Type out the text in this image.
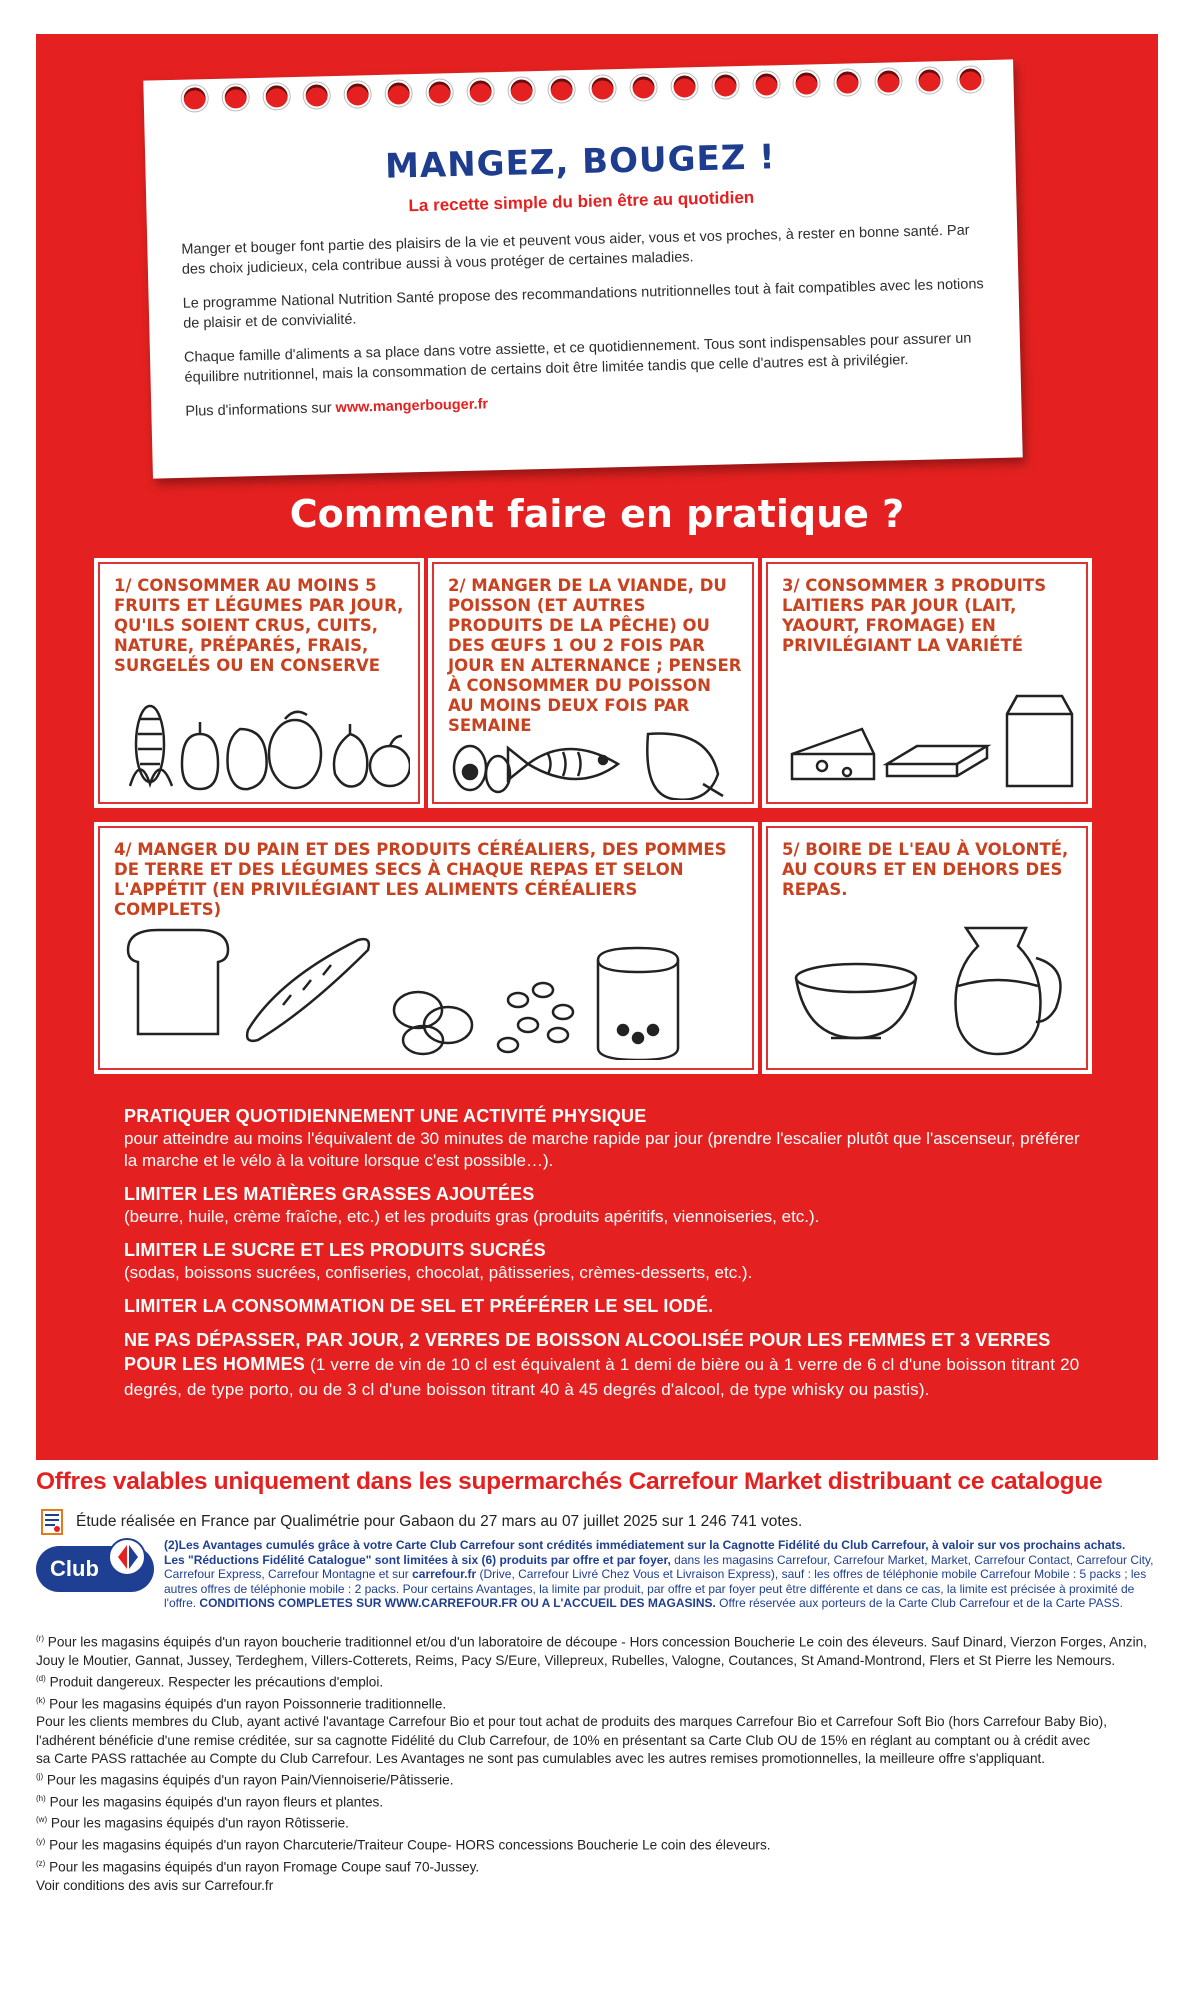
MANGEZ, BOUGEZ !
La recette simple du bien être au quotidien

Manger et bouger font partie des plaisirs de la vie et peuvent vous aider, vous et vos proches, à rester en bonne santé. Par des choix judicieux, cela contribue aussi à vous protéger de certaines maladies.

Le programme National Nutrition Santé propose des recommandations nutritionnelles tout à fait compatibles avec les notions de plaisir et de convivialité.

Chaque famille d'aliments a sa place dans votre assiette, et ce quotidiennement. Tous sont indispensables pour assurer un équilibre nutritionnel, mais la consommation de certains doit être limitée tandis que celle d'autres est à privilégier.

Plus d'informations sur www.mangerbouger.fr
Comment faire en pratique ?
1/ CONSOMMER AU MOINS 5 FRUITS ET LÉGUMES PAR JOUR, QU'ILS SOIENT CRUS, CUITS, NATURE, PRÉPARÉS, FRAIS, SURGELÉS OU EN CONSERVE
2/ MANGER DE LA VIANDE, DU POISSON (ET AUTRES PRODUITS DE LA PÊCHE) OU DES ŒUFS 1 OU 2 FOIS PAR JOUR EN ALTERNANCE ; PENSER À CONSOMMER DU POISSON AU MOINS DEUX FOIS PAR SEMAINE
3/ CONSOMMER 3 PRODUITS LAITIERS PAR JOUR (LAIT, YAOURT, FROMAGE) EN PRIVILÉGIANT LA VARIÉTÉ
4/ MANGER DU PAIN ET DES PRODUITS CÉRÉALIERS, DES POMMES DE TERRE ET DES LÉGUMES SECS À CHAQUE REPAS ET SELON L'APPÉTIT (EN PRIVILÉGIANT LES ALIMENTS CÉRÉALIERS COMPLETS)
5/ BOIRE DE L'EAU À VOLONTÉ, AU COURS ET EN DEHORS DES REPAS.
PRATIQUER QUOTIDIENNEMENT UNE ACTIVITÉ PHYSIQUE
pour atteindre au moins l'équivalent de 30 minutes de marche rapide par jour (prendre l'escalier plutôt que l'ascenseur, préférer la marche et le vélo à la voiture lorsque c'est possible…).
LIMITER LES MATIÈRES GRASSES AJOUTÉES
(beurre, huile, crème fraîche, etc.) et les produits gras (produits apéritifs, viennoiseries, etc.).
LIMITER LE SUCRE ET LES PRODUITS SUCRÉS
(sodas, boissons sucrées, confiseries, chocolat, pâtisseries, crèmes-desserts, etc.).
LIMITER LA CONSOMMATION DE SEL ET PRÉFÉRER LE SEL IODÉ.
NE PAS DÉPASSER, PAR JOUR, 2 VERRES DE BOISSON ALCOOLISÉE POUR LES FEMMES ET 3 VERRES POUR LES HOMMES (1 verre de vin de 10 cl est équivalent à 1 demi de bière ou à 1 verre de 6 cl d'une boisson titrant 20 degrés, de type porto, ou de 3 cl d'une boisson titrant 40 à 45 degrés d'alcool, de type whisky ou pastis).
Offres valables uniquement dans les supermarchés Carrefour Market distribuant ce catalogue
Étude réalisée en France par Qualimétrie pour Gabaon du 27 mars au 07 juillet 2025 sur 1 246 741 votes.
Club
(2)Les Avantages cumulés grâce à votre Carte Club Carrefour sont crédités immédiatement sur la Cagnotte Fidélité du Club Carrefour, à valoir sur vos prochains achats.
Les "Réductions Fidélité Catalogue" sont limitées à six (6) produits par offre et par foyer, dans les magasins Carrefour, Carrefour Market, Market, Carrefour Contact, Carrefour City, Carrefour Express, Carrefour Montagne et sur carrefour.fr (Drive, Carrefour Livré Chez Vous et Livraison Express), sauf : les offres de téléphonie mobile Carrefour Mobile : 5 packs ; les autres offres de téléphonie mobile : 2 packs. Pour certains Avantages, la limite par produit, par offre et par foyer peut être différente et dans ce cas, la limite est précisée à proximité de l'offre. CONDITIONS COMPLETES SUR WWW.CARREFOUR.FR OU A L'ACCUEIL DES MAGASINS. Offre réservée aux porteurs de la Carte Club Carrefour et de la Carte PASS.
$^{(r)}$ Pour les magasins équipés d'un rayon boucherie traditionnel et/ou d'un laboratoire de découpe - Hors concession Boucherie Le coin des éleveurs. Sauf Dinard, Vierzon Forges, Anzin,
Jouy le Moutier, Gannat, Jussey, Terdeghem, Villers-Cotterets, Reims, Pacy S/Eure, Villepreux, Rubelles, Valogne, Coutances, St Amand-Montrond, Flers et St Pierre les Nemours.
$^{(d)}$ Produit dangereux. Respecter les précautions d'emploi.
$^{(k)}$ Pour les magasins équipés d'un rayon Poissonnerie traditionnelle.
Pour les clients membres du Club, ayant activé l'avantage Carrefour Bio et pour tout achat de produits des marques Carrefour Bio et Carrefour Soft Bio (hors Carrefour Baby Bio),
l'adhérent bénéficie d'une remise créditée, sur sa cagnotte Fidélité du Club Carrefour, de 10% en présentant sa Carte Club OU de 15% en réglant au comptant ou à crédit avec
sa Carte PASS rattachée au Compte du Club Carrefour. Les Avantages ne sont pas cumulables avec les autres remises promotionnelles, la meilleure offre s'appliquant.
$^{(j)}$ Pour les magasins équipés d'un rayon Pain/Viennoiserie/Pâtisserie.
$^{(h)}$ Pour les magasins équipés d'un rayon fleurs et plantes.
$^{(w)}$ Pour les magasins équipés d'un rayon Rôtisserie.
$^{(y)}$ Pour les magasins équipés d'un rayon Charcuterie/Traiteur Coupe- HORS concessions Boucherie Le coin des éleveurs.
$^{(z)}$ Pour les magasins équipés d'un rayon Fromage Coupe sauf 70-Jussey.
Voir conditions des avis sur Carrefour.fr
